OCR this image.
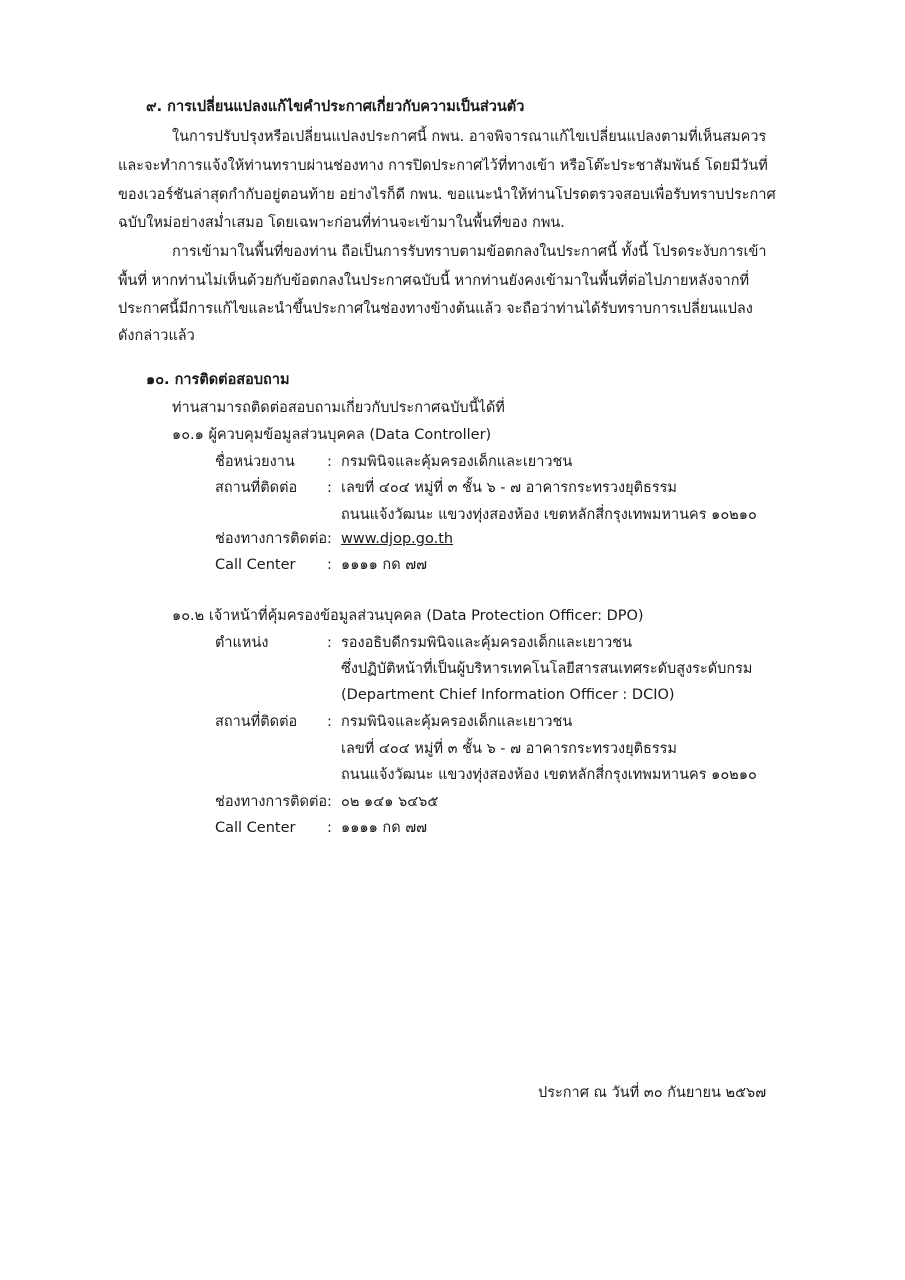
๙. การเปลี่ยนแปลงแก้ไขคำประกาศเกี่ยวกับความเป็นส่วนตัว
ในการปรับปรุงหรือเปลี่ยนแปลงประกาศนี้ กพน. อาจพิจารณาแก้ไขเปลี่ยนแปลงตามที่เห็นสมควร
และจะทำการแจ้งให้ท่านทราบผ่านช่องทาง การปิดประกาศไว้ที่ทางเข้า หรือโต๊ะประชาสัมพันธ์ โดยมีวันที่
ของเวอร์ชันล่าสุดกำกับอยู่ตอนท้าย อย่างไรก็ดี กพน. ขอแนะนำให้ท่านโปรดตรวจสอบเพื่อรับทราบประกาศ
ฉบับใหม่อย่างสม่ำเสมอ โดยเฉพาะก่อนที่ท่านจะเข้ามาในพื้นที่ของ กพน.
การเข้ามาในพื้นที่ของท่าน ถือเป็นการรับทราบตามข้อตกลงในประกาศนี้ ทั้งนี้ โปรดระงับการเข้า
พื้นที่ หากท่านไม่เห็นด้วยกับข้อตกลงในประกาศฉบับนี้ หากท่านยังคงเข้ามาในพื้นที่ต่อไปภายหลังจากที่
ประกาศนี้มีการแก้ไขและนำขึ้นประกาศในช่องทางข้างต้นแล้ว จะถือว่าท่านได้รับทราบการเปลี่ยนแปลง
ดังกล่าวแล้ว
๑๐. การติดต่อสอบถาม
ท่านสามารถติดต่อสอบถามเกี่ยวกับประกาศฉบับนี้ได้ที่
๑๐.๑ ผู้ควบคุมข้อมูลส่วนบุคคล (Data Controller)
ชื่อหน่วยงาน : กรมพินิจและคุ้มครองเด็กและเยาวชน
สถานที่ติดต่อ : เลขที่ ๔๐๔ หมู่ที่ ๓ ชั้น ๖ - ๗ อาคารกระทรวงยุติธรรม
ถนนแจ้งวัฒนะ แขวงทุ่งสองห้อง เขตหลักสี่กรุงเทพมหานคร ๑๐๒๑๐
ช่องทางการติดต่อ : www.djop.go.th
Call Center : ๑๑๑๑ กด ๗๗
๑๐.๒ เจ้าหน้าที่คุ้มครองข้อมูลส่วนบุคคล (Data Protection Officer: DPO)
ตำแหน่ง	: รองอธิบดีกรมพินิจและคุ้มครองเด็กและเยาวชน
ซึ่งปฏิบัติหน้าที่เป็นผู้บริหารเทคโนโลยีสารสนเทศระดับสูงระดับกรม
(Department Chief Information Officer : DCIO)
สถานที่ติดต่อ : กรมพินิจและคุ้มครองเด็กและเยาวชน
เลขที่ ๔๐๔ หมู่ที่ ๓ ชั้น ๖ - ๗ อาคารกระทรวงยุติธรรม
ถนนแจ้งวัฒนะ แขวงทุ่งสองห้อง เขตหลักสี่กรุงเทพมหานคร ๑๐๒๑๐
ช่องทางการติดต่อ : ๐๒ ๑๔๑ ๖๔๖๕
Call Center : ๑๑๑๑ กด ๗๗
ประกาศ ณ วันที่ ๓๐ กันยายน ๒๕๖๗
